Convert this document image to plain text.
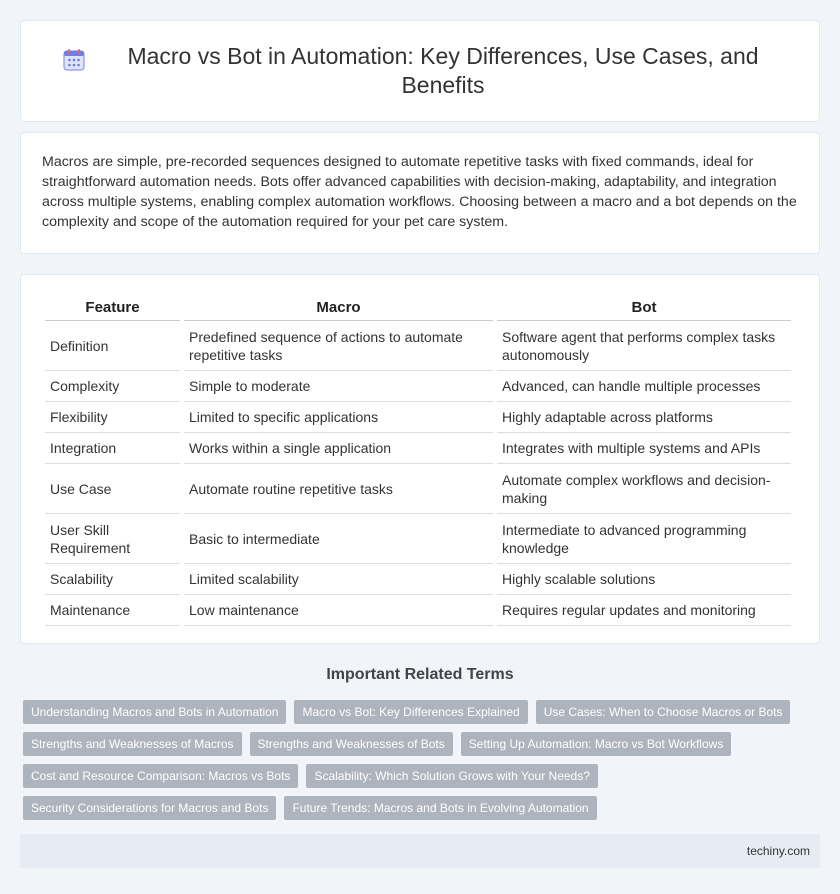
Macro vs Bot in Automation: Key Differences, Use Cases, and Benefits

Macros are simple, pre-recorded sequences designed to automate repetitive tasks with fixed commands, ideal for straightforward automation needs. Bots offer advanced capabilities with decision-making, adaptability, and integration across multiple systems, enabling complex automation workflows. Choosing between a macro and a bot depends on the complexity and scope of the automation required for your pet care system.

Feature	Macro	Bot
Definition	Predefined sequence of actions to automate repetitive tasks	Software agent that performs complex tasks autonomously
Complexity	Simple to moderate	Advanced, can handle multiple processes
Flexibility	Limited to specific applications	Highly adaptable across platforms
Integration	Works within a single application	Integrates with multiple systems and APIs
Use Case	Automate routine repetitive tasks	Automate complex workflows and decision-making
User Skill Requirement	Basic to intermediate	Intermediate to advanced programming knowledge
Scalability	Limited scalability	Highly scalable solutions
Maintenance	Low maintenance	Requires regular updates and monitoring
Important Related Terms
Understanding Macros and Bots in Automation	Macro vs Bot: Key Differences Explained	Use Cases: When to Choose Macros or Bots
Strengths and Weaknesses of Macros	Strengths and Weaknesses of Bots	Setting Up Automation: Macro vs Bot Workflows
Cost and Resource Comparison: Macros vs Bots	Scalability: Which Solution Grows with Your Needs?
Security Considerations for Macros and Bots	Future Trends: Macros and Bots in Evolving Automation
techiny.com
